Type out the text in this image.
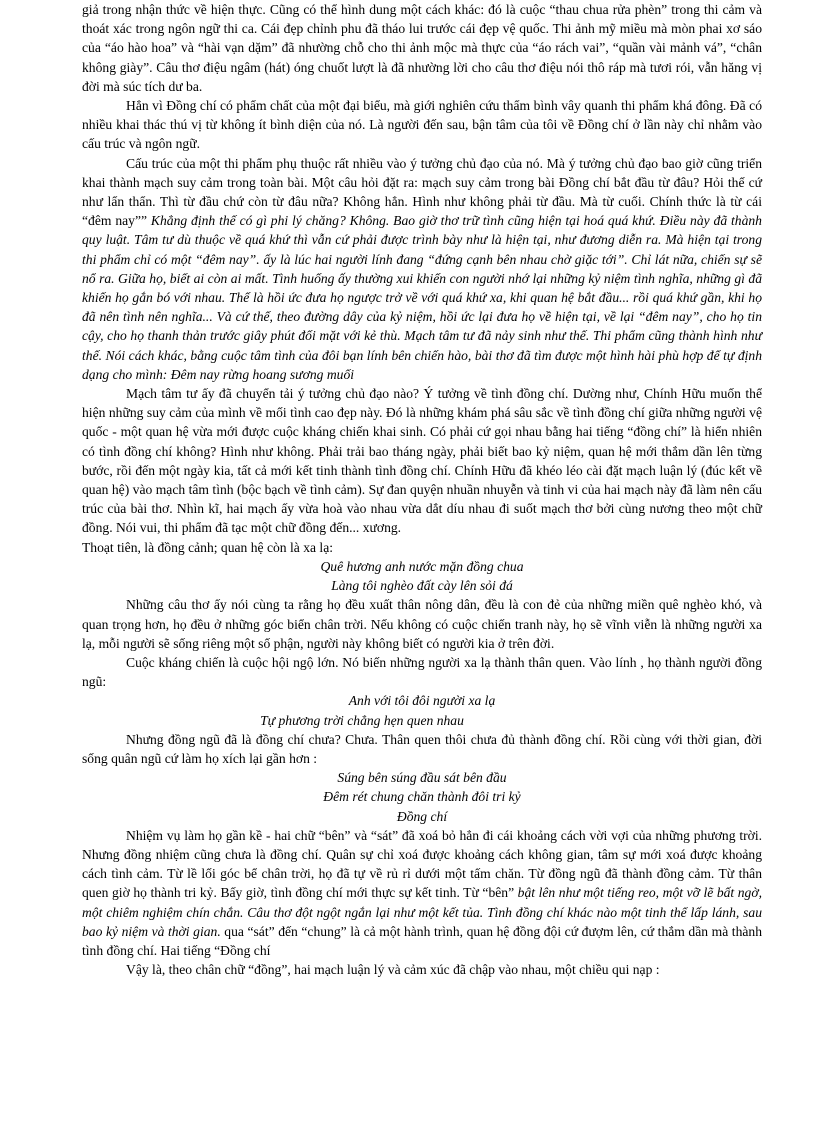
giả trong nhận thức về hiện thực. Cũng có thể hình dung một cách khác: đó là cuộc “thau chua rửa phèn” trong thi cảm và thoát xác trong ngôn ngữ thi ca. Cái đẹp chỉnh phu đã tháo lui trước cái đẹp vệ quốc. Thi ảnh mỹ miều mà mòn phai xơ sáo của “áo hào hoa” và “hài vạn dặm” đã nhường chỗ cho thi ảnh mộc mà thực của “áo rách vai”, “quần vài mảnh vá”, “chân không giày”. Câu thơ điệu ngâm (hát) óng chuốt lượt là đã nhường lời cho câu thơ điệu nói thô ráp mà tươi rói, vẫn hăng vị đời mà súc tích dư ba.

Hẳn vì Đồng chí có phẩm chất của một đại biểu, mà giới nghiên cứu thẩm bình vây quanh thi phẩm khá đông. Đã có nhiều khai thác thú vị từ không ít bình diện của nó. Là người đến sau, bận tâm của tôi về Đồng chí ở lần này chỉ nhằm vào cấu trúc và ngôn ngữ.

Cấu trúc của một thi phẩm phụ thuộc rất nhiều vào ý tưởng chủ đạo của nó. Mà ý tưởng chủ đạo bao giờ cũng triển khai thành mạch suy cảm trong toàn bài. Một câu hỏi đặt ra: mạch suy cảm trong bài Đồng chí bắt đầu từ đâu? Hỏi thế cứ như lẩn thẩn. Thì từ đầu chứ còn từ đâu nữa? Không hẳn. Hình như không phải từ đầu. Mà từ cuối. Chính thức là từ cái “đêm nay”” Khẳng định thế có gì phi lý chăng? Không. Bao giờ thơ trữ tình cũng hiện tại hoá quá khứ. Điều này đã thành quy luật. Tâm tư dù thuộc về quá khứ thì vẫn cứ phải được trình bày như là hiện tại, như đương diễn ra. Mà hiện tại trong thi phẩm chỉ có một “đêm nay”. ấy là lúc hai người lính đang “đứng cạnh bên nhau chờ giặc tới”. Chỉ lát nữa, chiến sự sẽ nổ ra. Giữa họ, biết ai còn ai mất. Tình huống ấy thường xui khiến con người nhớ lại những kỷ niệm tình nghĩa, những gì đã khiến họ gắn bó với nhau. Thế là hồi ức đưa họ ngược trở về với quá khứ xa, khi quan hệ bắt đầu... rồi quá khứ gần, khi họ đã nên tình nên nghĩa... Và cứ thế, theo đường dây của kỷ niệm, hồi ức lại đưa họ về hiện tại, về lại “đêm nay”, cho họ tin cậy, cho họ thanh thản trước giây phút đối mặt với kẻ thù. Mạch tâm tư đã nảy sinh như thế. Thi phẩm cũng thành hình như thế. Nói cách khác, bằng cuộc tâm tình của đôi bạn lính bên chiến hào, bài thơ đã tìm được một hình hài phù hợp để tự định dạng cho mình: Đêm nay rừng hoang sương muối

Mạch tâm tư ấy đã chuyển tải ý tưởng chủ đạo nào? Ý tưởng về tình đồng chí. Dường như, Chính Hữu muốn thể hiện những suy cảm của mình về mối tình cao đẹp này. Đó là những khám phá sâu sắc về tình đồng chí giữa những người vệ quốc - một quan hệ vừa mới được cuộc kháng chiến khai sinh. Có phải cứ gọi nhau bằng hai tiếng “đồng chí” là hiển nhiên có tình đồng chí không? Hình như không. Phải trải bao tháng ngày, phải biết bao kỷ niệm, quan hệ mới thắm dần lên từng bước, rồi đến một ngày kia, tất cả mới kết tinh thành tình đồng chí. Chính Hữu đã khéo léo cài đặt mạch luận lý (đúc kết về quan hệ) vào mạch tâm tình (bộc bạch về tình cảm). Sự đan quyện nhuần nhuyễn và tinh vi của hai mạch này đã làm nên cấu trúc của bài thơ. Nhìn kĩ, hai mạch ấy vừa hoà vào nhau vừa dắt díu nhau đi suốt mạch thơ bởi cùng nương theo một chữ đồng. Nói vui, thi phẩm đã tạc một chữ đồng đến... xương.

Thoạt tiên, là đồng cảnh; quan hệ còn là xa lạ:

Quê hương anh nước mặn đồng chua

Làng tôi nghèo đất cày lên sỏi đá

Những câu thơ ấy nói cùng ta rằng họ đều xuất thân nông dân, đều là con đẻ của những miền quê nghèo khó, và quan trọng hơn, họ đều ở những góc biển chân trời. Nếu không có cuộc chiến tranh này, họ sẽ vĩnh viễn là những người xa lạ, mỗi người sẽ sống riêng một số phận, người này không biết có người kia ở trên đời.

Cuộc kháng chiến là cuộc hội ngộ lớn. Nó biến những người xa lạ thành thân quen. Vào lính , họ thành người đồng ngũ:

Anh với tôi đôi người xa lạ

Tự phương trời chẳng hẹn quen nhau

Nhưng đồng ngũ đã là đồng chí chưa? Chưa. Thân quen thôi chưa đủ thành đồng chí. Rồi cùng với thời gian, đời sống quân ngũ cứ làm họ xích lại gần hơn :

Súng bên súng đầu sát bên đầu

Đêm rét chung chăn thành đôi tri kỷ

Đồng chí

Nhiệm vụ làm họ gần kề - hai chữ “bên” và “sát” đã xoá bỏ hẳn đi cái khoảng cách vời vợi của những phương trời. Nhưng đồng nhiệm cũng chưa là đồng chí. Quân sự chỉ xoá được khoảng cách không gian, tâm sự mới xoá được khoảng cách tình cảm. Từ lề lối góc bể chân trời, họ đã tự về rủ rỉ dưới một tấm chăn. Từ đồng ngũ đã thành đồng cảm. Từ thân quen giờ họ thành tri kỷ. Bấy giờ, tình đồng chí mới thực sự kết tinh. Từ “bên” bật lên như một tiếng reo, một vỡ lẽ bất ngờ, một chiêm nghiệm chín chắn. Câu thơ đột ngột ngắn lại như một kết tủa. Tình đồng chí khác nào một tinh thể lấp lánh, sau bao kỷ niệm và thời gian. qua “sát” đến “chung” là cả một hành trình, quan hệ đồng đội cứ đượm lên, cứ thắm dần mà thành tình đồng chí. Hai tiếng “Đồng chí

Vậy là, theo chân chữ “đồng”, hai mạch luận lý và cảm xúc đã chập vào nhau, một chiều qui nạp :
